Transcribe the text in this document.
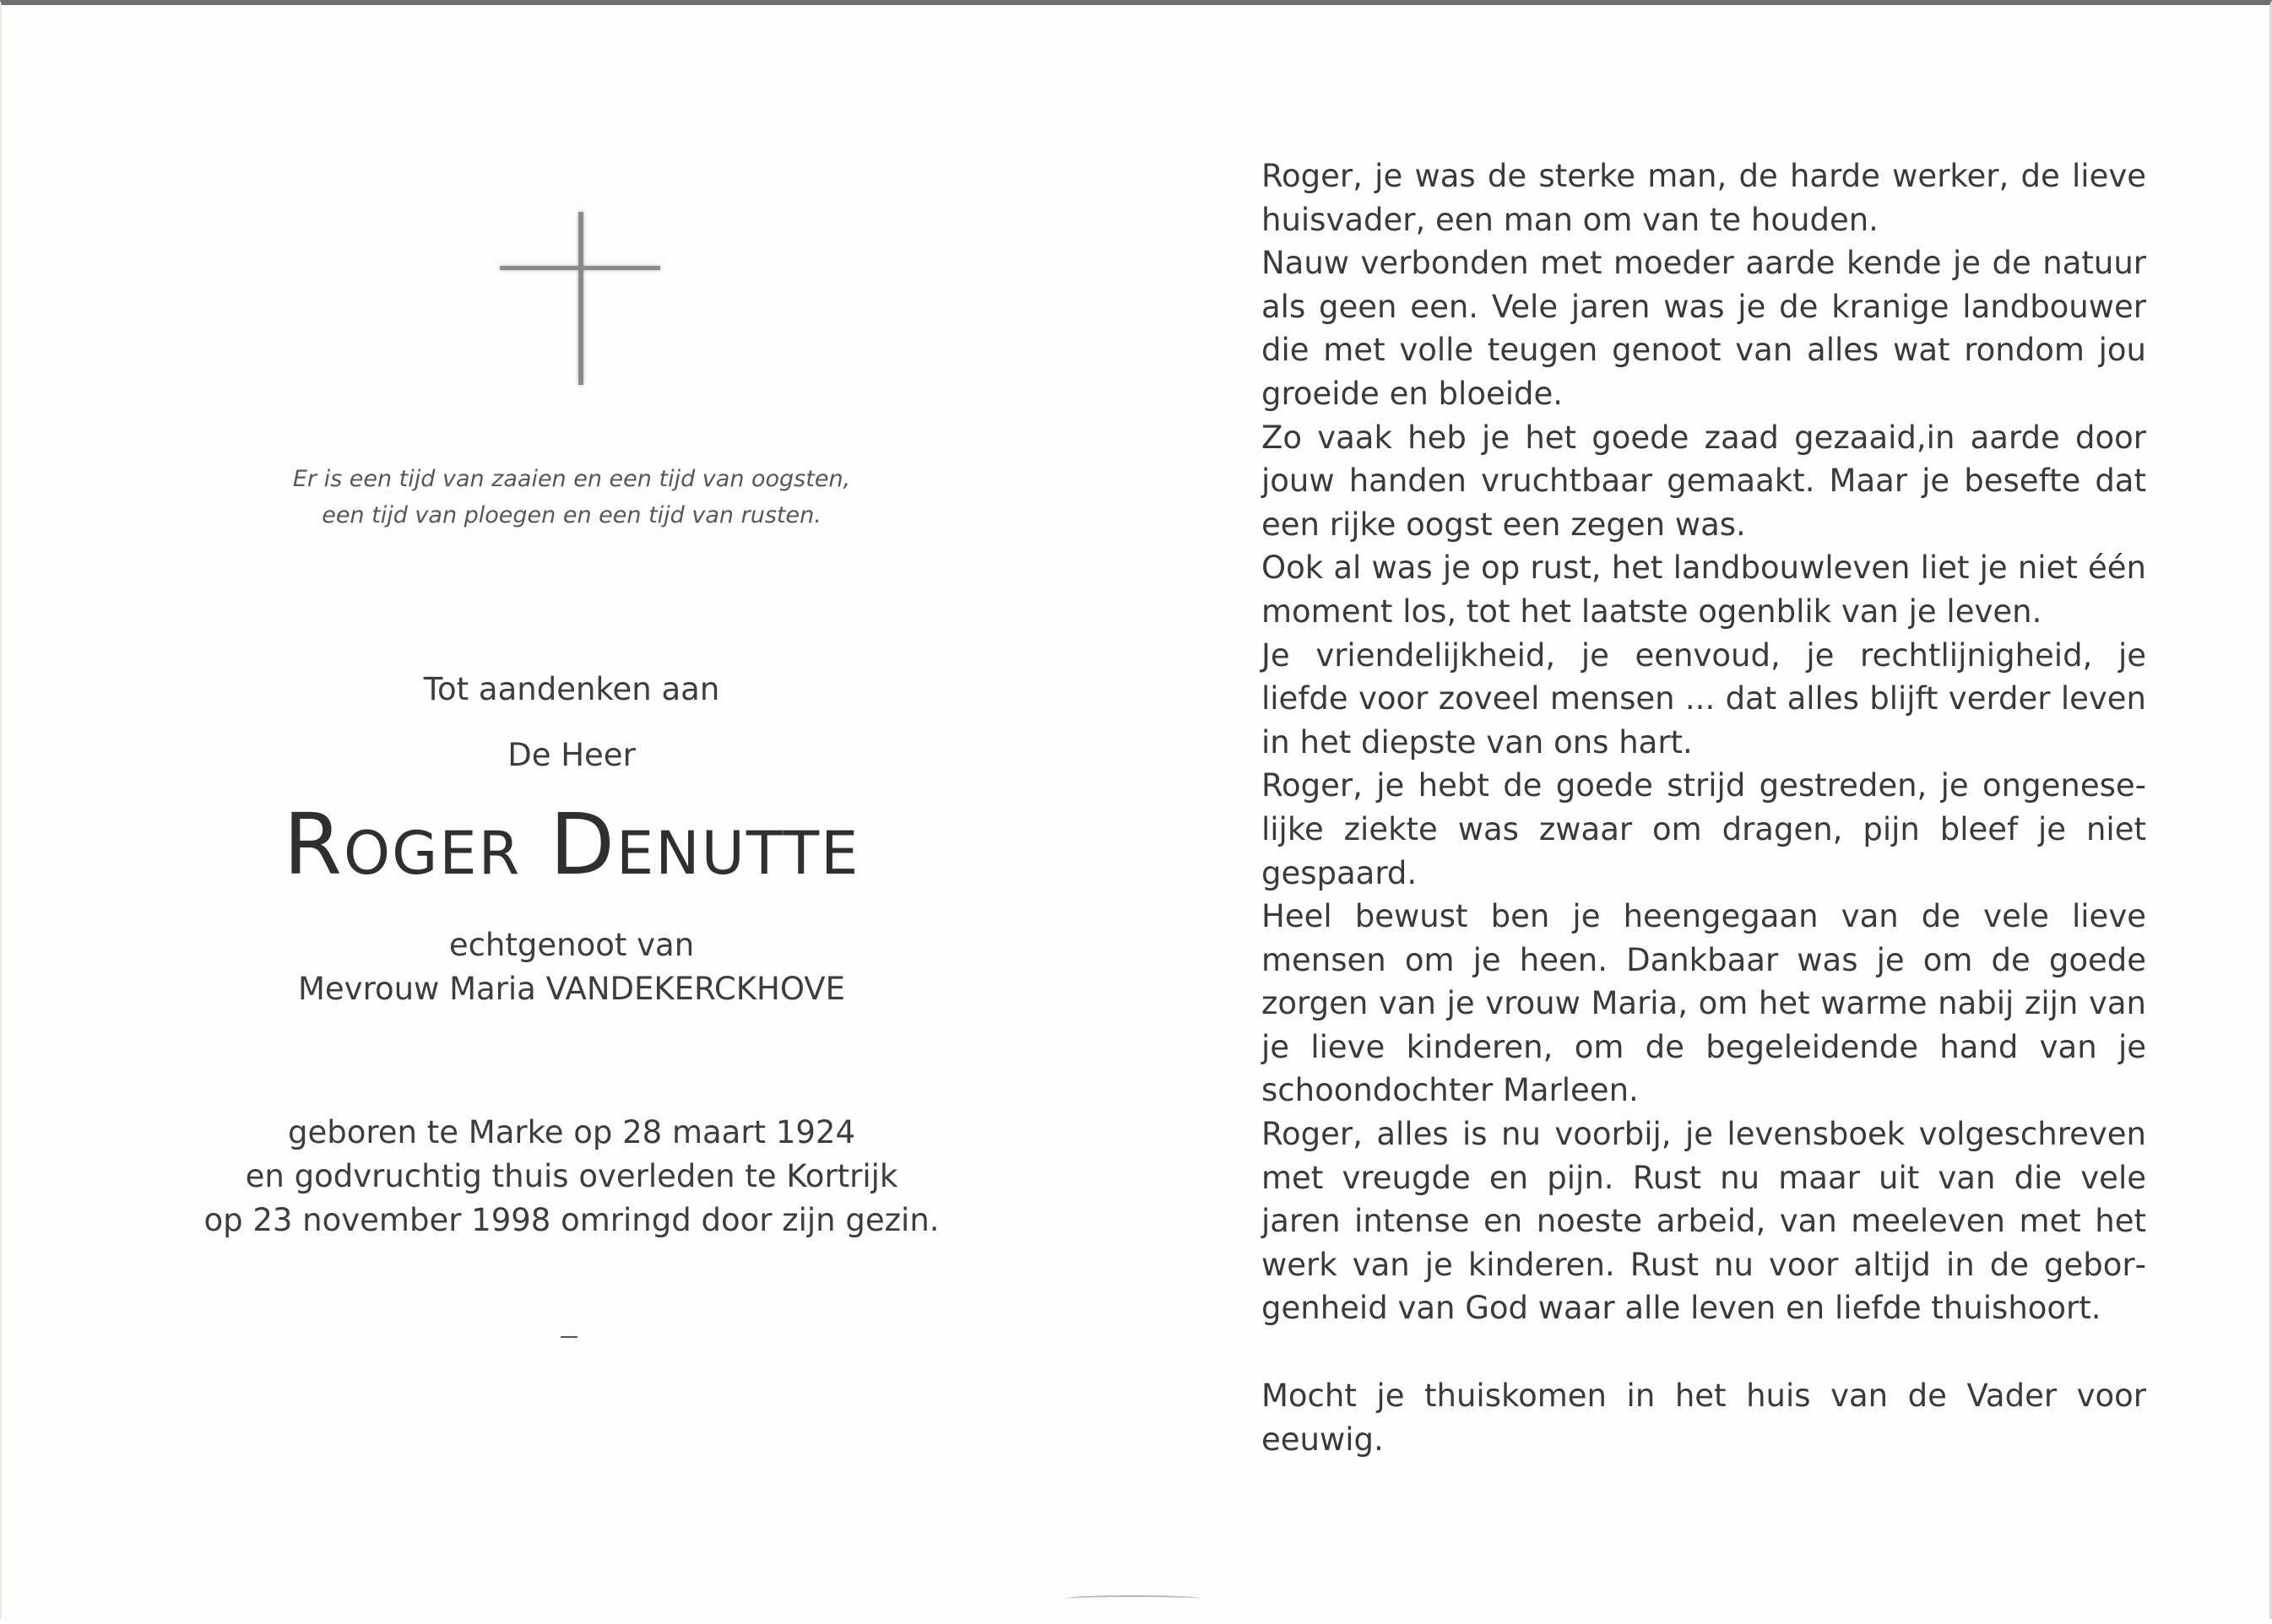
Er is een tijd van zaaien en een tijd van oogsten,
een tijd van ploegen en een tijd van rusten.
Tot aandenken aan
De Heer
Roger Denutte
echtgenoot van
Mevrouw Maria VANDEKERCKHOVE
geboren te Marke op 28 maart 1924
en godvruchtig thuis overleden te Kortrijk
op 23 november 1998 omringd door zijn gezin.

Roger, je was de sterke man, de harde werker, de lieve huisvader, een man om van te houden.

Nauw verbonden met moeder aarde kende je de natuur als geen een. Vele jaren was je de kranige landbouwer die met volle teugen genoot van alles wat rondom jou groeide en bloeide.

Zo vaak heb je het goede zaad gezaaid,in aarde door jouw handen vruchtbaar gemaakt. Maar je besefte dat een rijke oogst een zegen was.

Ook al was je op rust, het landbouwleven liet je niet één moment los, tot het laatste ogenblik van je leven.

Je vriendelijkheid, je eenvoud, je rechtlijnigheid, je liefde voor zoveel mensen ... dat alles blijft verder leven in het diepste van ons hart.

Roger, je hebt de goede strijd gestreden, je ongeneselijke ziekte was zwaar om dragen, pijn bleef je niet gespaard.

Heel bewust ben je heengegaan van de vele lieve mensen om je heen. Dankbaar was je om de goede zorgen van je vrouw Maria, om het warme nabij zijn van je lieve kinderen, om de begeleidende hand van je schoondochter Marleen.

Roger, alles is nu voorbij, je levensboek volgeschreven met vreugde en pijn. Rust nu maar uit van die vele jaren intense en noeste arbeid, van meeleven met het werk van je kinderen. Rust nu voor altijd in de geborgenheid van God waar alle leven en liefde thuishoort.

Mocht je thuiskomen in het huis van de Vader voor eeuwig.
